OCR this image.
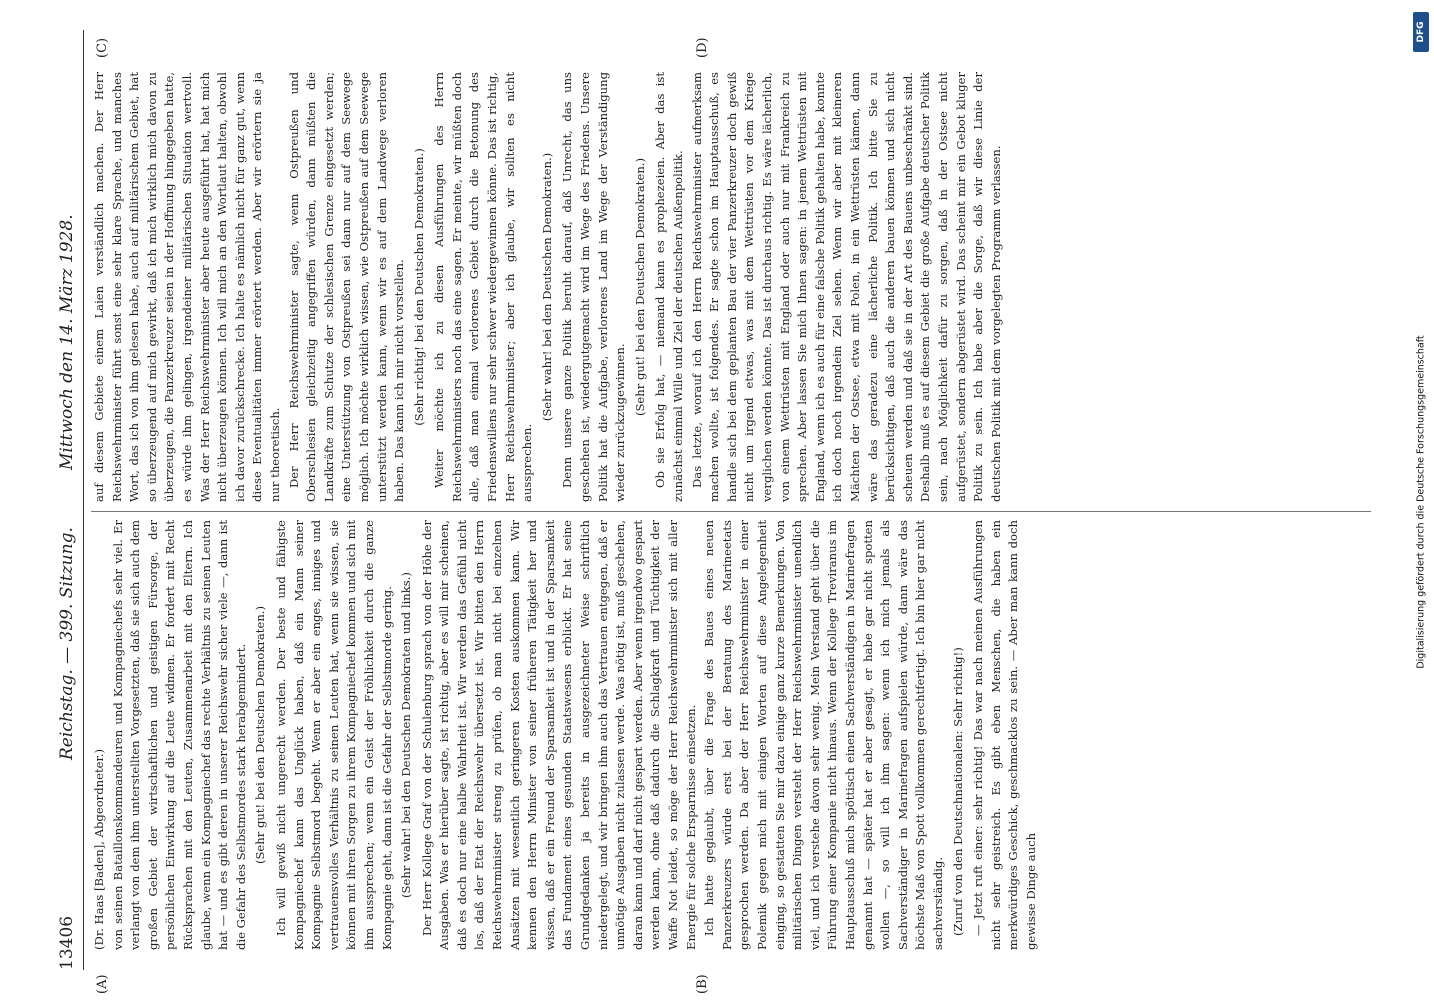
13406
Reichstag. — 399. Sitzung.
Mittwoch den 14. März 1928.
(A)	(B)
(C)	(D)

(Dr. Haas [Baden], Abgeordneter.) von seinen Bataillonskommandeuren und Kompagniechefs sehr viel. Er verlangt von dem ihm unterstellten Vorgesetzten, daß sie sich auch dem großen Gebiet der wirtschaftlichen und geistigen Fürsorge, der persönlichen Einwirkung auf die Leute widmen. Er fordert mit Recht Rücksprachen mit den Leuten, Zusammenarbeit mit den Eltern. Ich glaube, wenn ein Kompagniechef das rechte Verhältnis zu seinen Leuten hat — und es gibt deren in unserer Reichswehr sicher viele —, dann ist die Gefahr des Selbstmordes stark herabgemindert. (Sehr gut! bei den Deutschen Demokraten.) Ich will gewiß nicht ungerecht werden. Der beste und fähigste Kompagniechef kann das Unglück haben, daß ein Mann seiner Kompagnie Selbstmord begeht. Wenn er aber ein enges, inniges und vertrauensvolles Verhältnis zu seinen Leuten hat, wenn sie wissen, sie können mit ihren Sorgen zu ihrem Kompagniechef kommen und sich mit ihm aussprechen; wenn ein Geist der Fröhlichkeit durch die ganze Kompagnie geht, dann ist die Gefahr der Selbstmorde gering. (Sehr wahr! bei den Deutschen Demokraten und links.) Der Herr Kollege Graf von der Schulenburg sprach von der Höhe der Ausgaben. Was er hierüber sagte, ist richtig, aber es will mir scheinen, daß es doch nur eine halbe Wahrheit ist. Wir werden das Gefühl nicht los, daß der Etat der Reichswehr übersetzt ist. Wir bitten den Herrn Reichswehrminister streng zu prüfen, ob man nicht bei einzelnen Ansätzen mit wesentlich geringeren Kosten auskommen kann. Wir kennen den Herrn Minister von seiner früheren Tätigkeit her und wissen, daß er ein Freund der Sparsamkeit ist und in der Sparsamkeit das Fundament eines gesunden Staatswesens erblickt. Er hat seine Grundgedanken ja bereits in ausgezeichneter Weise schriftlich niedergelegt, und wir bringen ihm auch das Vertrauen entgegen, daß er unnötige Ausgaben nicht zulassen werde. Was nötig ist, muß geschehen, daran kann und darf nicht gespart werden. Aber wenn irgendwo gespart werden kann, ohne daß dadurch die Schlagkraft und Tüchtigkeit der Waffe Not leidet, so möge der Herr Reichswehrminister sich mit aller Energie für solche Ersparnisse einsetzen. Ich hatte geglaubt, über die Frage des Baues eines neuen Panzerkreuzers würde erst bei der Beratung des Marineetats gesprochen werden. Da aber der Herr Reichswehrminister in einer Polemik gegen mich mit einigen Worten auf diese Angelegenheit einging, so gestatten Sie mir dazu einige ganz kurze Bemerkungen. Von militärischen Dingen versteht der Herr Reichswehrminister unendlich viel, und ich verstehe davon sehr wenig. Mein Verstand geht über die Führung einer Kompanie nicht hinaus. Wenn der Kollege Treviranus im Hauptausschuß mich spöttisch einen Sachverständigen in Marinefragen genannt hat — später hat er aber gesagt, er habe gar nicht spotten wollen —, so will ich ihm sagen: wenn ich mich jemals als Sachverständiger in Marinefragen aufspielen würde, dann wäre das höchste Maß von Spott vollkommen gerechtfertigt. Ich bin hier gar nicht sachverständig. (Zuruf von den Deutschnationalen: Sehr richtig!) — Jetzt ruft einer: sehr richtig! Das war nach meinen Ausführungen nicht sehr geistreich. Es gibt eben Menschen, die haben ein merkwürdiges Geschick, geschmacklos zu sein. — Aber man kann doch gewisse Dinge auch

auf diesem Gebiete einem Laien verständlich machen. Der Herr Reichswehrminister führt sonst eine sehr klare Sprache, und manches Wort, das ich von ihm gelesen habe, auch auf militärischem Gebiet, hat so überzeugend auf mich gewirkt, daß ich mich wirklich mich davon zu überzeugen, die Panzerkreuzer seien in der Hoffnung hingegeben hatte, es würde ihm gelingen, irgendeiner militärischen Situation wertvoll. Was der Herr Reichswehrminister aber heute ausgeführt hat, hat mich nicht überzeugen können. Ich will mich an den Wortlaut halten, obwohl ich davor zurückschrecke. Ich halte es nämlich nicht für ganz gut, wenn diese Eventualitäten immer erörtert werden. Aber wir erörtern sie ja nur theoretisch. Der Herr Reichswehrminister sagte, wenn Ostpreußen und Oberschlesien gleichzeitig angegriffen würden, dann müßten die Landkräfte zum Schutze der schlesischen Grenze eingesetzt werden; eine Unterstützung von Ostpreußen sei dann nur auf dem Seewege möglich. Ich möchte wirklich wissen, wie Ostpreußen auf dem Seewege unterstützt werden kann, wenn wir es auf dem Landwege verloren haben. Das kann ich mir nicht vorstellen. (Sehr richtig! bei den Deutschen Demokraten.) Weiter möchte ich zu diesen Ausführungen des Herrn Reichswehrministers noch das eine sagen. Er meinte, wir müßten doch alle, daß man einmal verlorenes Gebiet durch die Betonung des Friedenswillens nur sehr schwer wiedergewinnen könne. Das ist richtig, Herr Reichswehrminister; aber ich glaube, wir sollten es nicht aussprechen.

(Sehr wahr! bei den Deutschen Demokraten.) Denn unsere ganze Politik beruht darauf, daß Unrecht, das uns geschehen ist, wiedergutgemacht wird im Wege des Friedens. Unsere Politik hat die Aufgabe, verlorenes Land im Wege der Verständigung wieder zurückzugewinnen.

(Sehr gut! bei den Deutschen Demokraten.) Ob sie Erfolg hat, — niemand kann es prophezeien. Aber das ist zunächst einmal Wille und Ziel der deutschen Außenpolitik. Das letzte, worauf ich den Herrn Reichswehrminister aufmerksam machen wollte, ist folgendes. Er sagte schon im Hauptausschuß, es handle sich bei dem geplanten Bau der vier Panzerkreuzer doch gewiß nicht um irgend etwas, was mit dem Wettrüsten vor dem Kriege verglichen werden könnte. Das ist durchaus richtig. Es wäre lächerlich, von einem Wettrüsten mit England oder auch nur mit Frankreich zu sprechen. Aber lassen Sie mich Ihnen sagen: in jenem Wettrüsten mit England, wenn ich es auch für eine falsche Politik gehalten habe, konnte ich doch noch irgendein Ziel sehen. Wenn wir aber mit kleineren Mächten der Ostsee, etwa mit Polen, in ein Wettrüsten kämen, dann wäre das geradezu eine lächerliche Politik. Ich bitte Sie zu berücksichtigen, daß auch die anderen bauen können und sich nicht scheuen werden und daß sie in der Art des Bauens unbeschränkt sind. Deshalb muß es auf diesem Gebiet die große Aufgabe deutscher Politik sein, nach Möglichkeit dafür zu sorgen, daß in der Ostsee nicht aufgerüstet, sondern abgerüstet wird. Das scheint mir ein Gebot kluger Politik zu sein. Ich habe aber die Sorge, daß wir diese Linie der deutschen Politik mit dem vorgelegten Programm verlassen.

DFG
Digitalisierung gefördert durch die Deutsche Forschungsgemeinschaft
